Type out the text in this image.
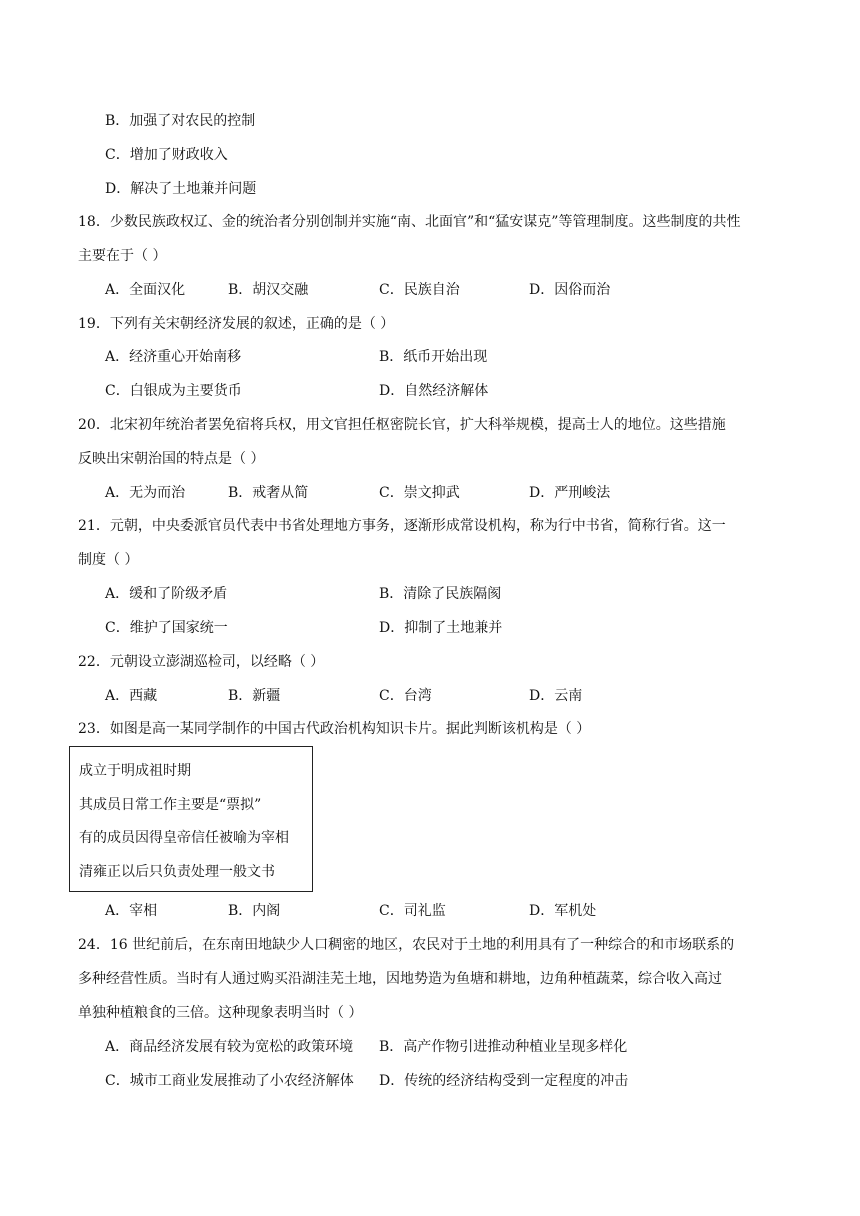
B．加强了对农民的控制
C．增加了财政收入
D．解决了土地兼并问题
18．少数民族政权辽、金的统治者分别创制并实施“南、北面官”和“猛安谋克”等管理制度。这些制度的共性
主要在于（ ）
A．全面汉化	B．胡汉交融	C．民族自治	D．因俗而治
19．下列有关宋朝经济发展的叙述，正确的是（ ）
A．经济重心开始南移	B．纸币开始出现
C．白银成为主要货币	D．自然经济解体
20．北宋初年统治者罢免宿将兵权，用文官担任枢密院长官，扩大科举规模，提高士人的地位。这些措施
反映出宋朝治国的特点是（ ）
A．无为而治	B．戒奢从简	C．崇文抑武	D．严刑峻法
21．元朝，中央委派官员代表中书省处理地方事务，逐渐形成常设机构，称为行中书省，简称行省。这一
制度（ ）
A．缓和了阶级矛盾	B．清除了民族隔阂
C．维护了国家统一	D．抑制了土地兼并
22．元朝设立澎湖巡检司，以经略（ ）
A．西藏	B．新疆	C．台湾	D．云南
23．如图是高一某同学制作的中国古代政治机构知识卡片。据此判断该机构是（ ）
成立于明成祖时期
其成员日常工作主要是“票拟”
有的成员因得皇帝信任被喻为宰相
清雍正以后只负责处理一般文书
A．宰相	B．内阁	C．司礼监	D．军机处
24．16 世纪前后，在东南田地缺少人口稠密的地区，农民对于土地的利用具有了一种综合的和市场联系的
多种经营性质。当时有人通过购买沿湖洼芜土地，因地势造为鱼塘和耕地，边角种植蔬菜，综合收入高过
单独种植粮食的三倍。这种现象表明当时（ ）
A．商品经济发展有较为宽松的政策环境 B．高产作物引进推动种植业呈现多样化
C．城市工商业发展推动了小农经济解体 D．传统的经济结构受到一定程度的冲击
